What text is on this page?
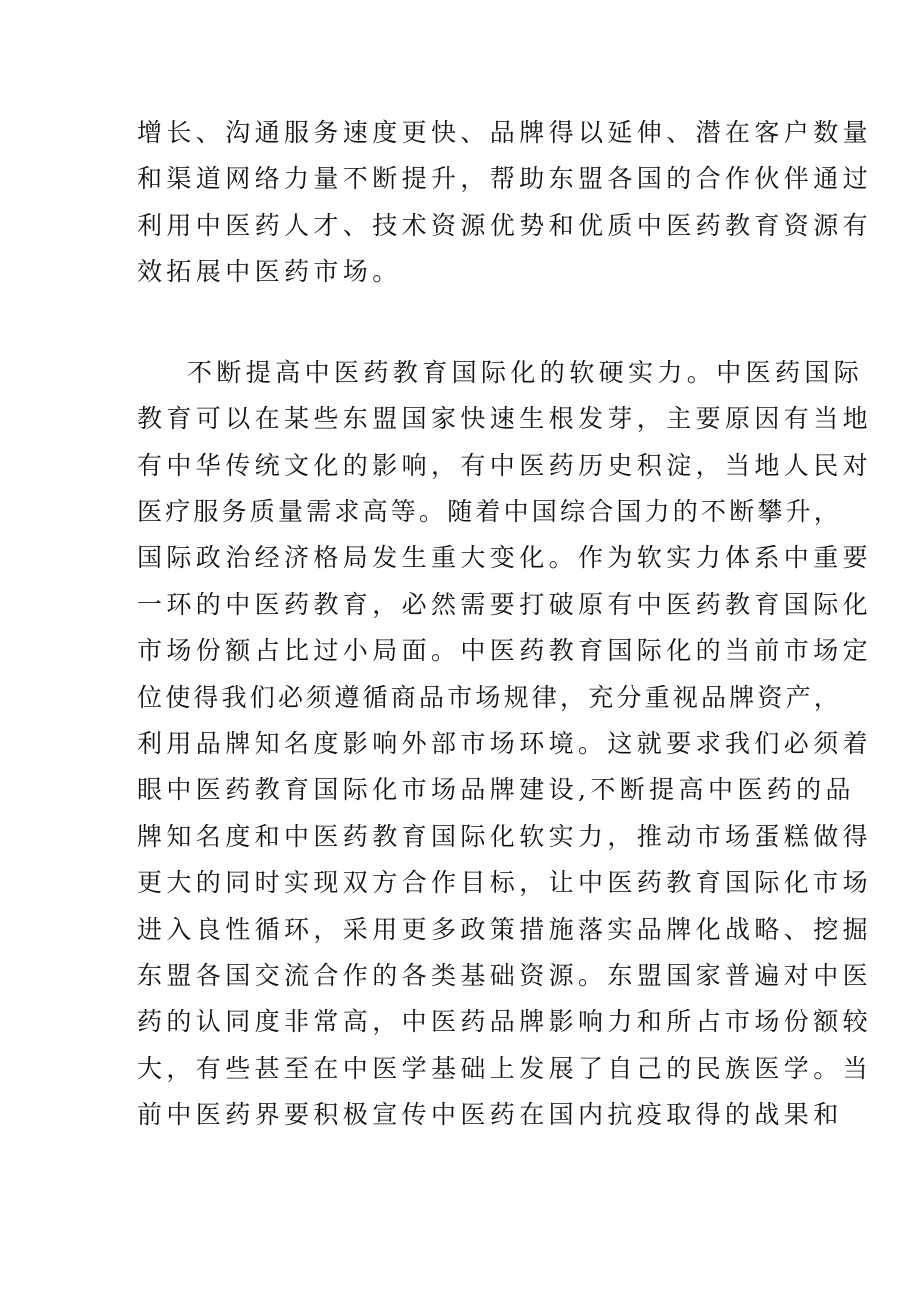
增长、沟通服务速度更快、品牌得以延伸、潜在客户数量
和渠道网络力量不断提升，帮助东盟各国的合作伙伴通过
利用中医药人才、技术资源优势和优质中医药教育资源有
效拓展中医药市场。
不断提高中医药教育国际化的软硬实力。中医药国际
教育可以在某些东盟国家快速生根发芽，主要原因有当地
有中华传统文化的影响，有中医药历史积淀，当地人民对
医疗服务质量需求高等。随着中国综合国力的不断攀升，
国际政治经济格局发生重大变化。作为软实力体系中重要
一环的中医药教育，必然需要打破原有中医药教育国际化
市场份额占比过小局面。中医药教育国际化的当前市场定
位使得我们必须遵循商品市场规律，充分重视品牌资产，
利用品牌知名度影响外部市场环境。这就要求我们必须着
眼中医药教育国际化市场品牌建设,不断提高中医药的品
牌知名度和中医药教育国际化软实力，推动市场蛋糕做得
更大的同时实现双方合作目标，让中医药教育国际化市场
进入良性循环，采用更多政策措施落实品牌化战略、挖掘
东盟各国交流合作的各类基础资源。东盟国家普遍对中医
药的认同度非常高，中医药品牌影响力和所占市场份额较
大，有些甚至在中医学基础上发展了自己的民族医学。当
前中医药界要积极宣传中医药在国内抗疫取得的战果和
